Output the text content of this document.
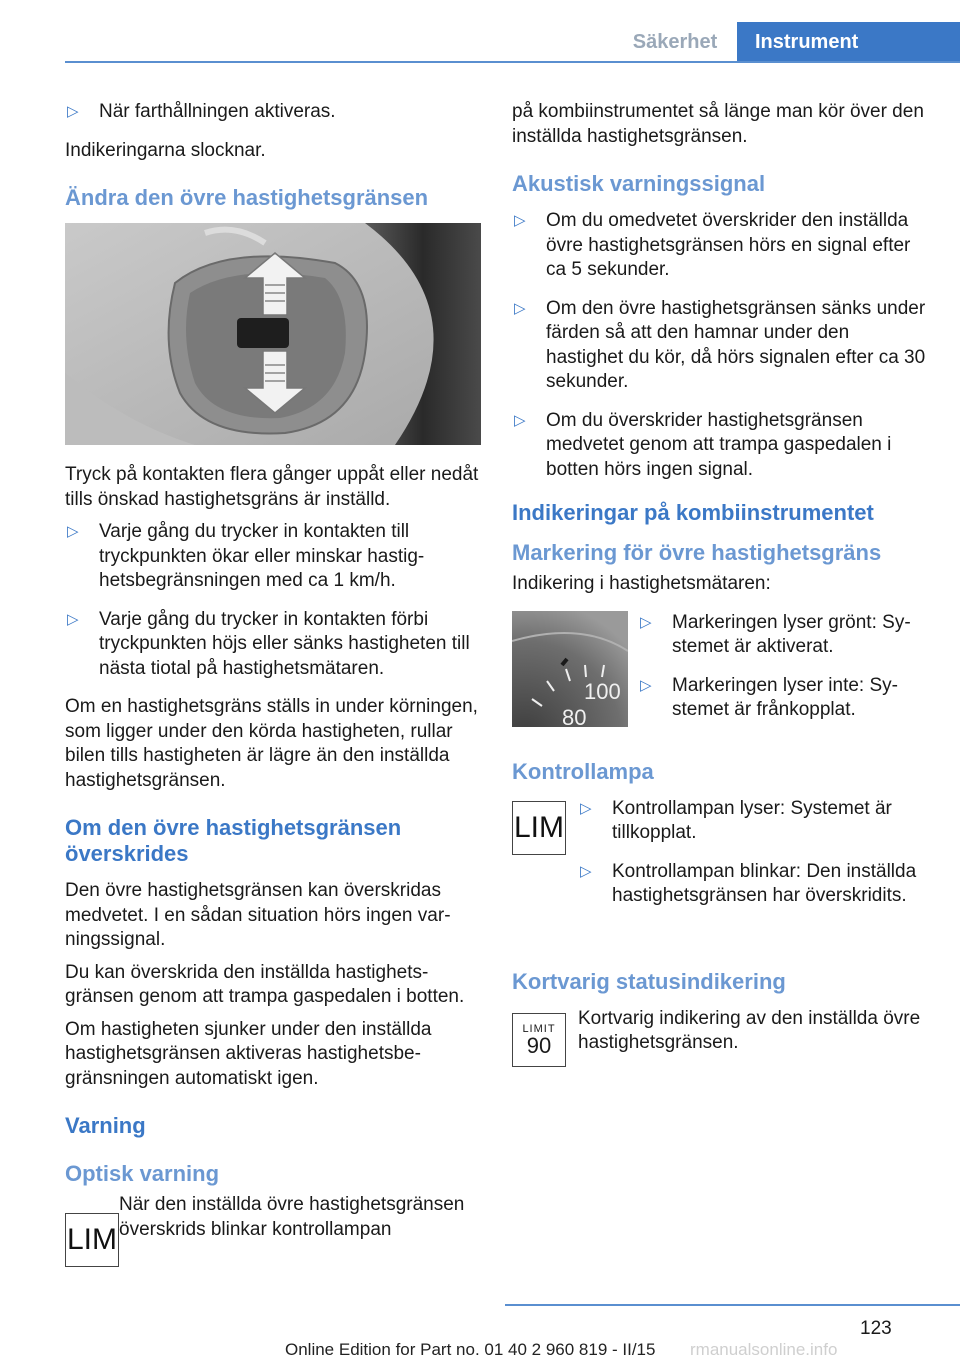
Säkerhet	Instrument
▷ När farthållningen aktiveras.

Indikeringarna slocknar.

Ändra den övre hastighetsgränsen

Tryck på kontakten flera gånger uppåt eller nedåt tills önskad hastighetsgräns är inställd.

▷ Varje gång du trycker in kontakten till tryckpunkten ökar eller minskar hastighetsbegränsningen med ca 1 km/h.
▷ Varje gång du trycker in kontakten förbi tryckpunkten höjs eller sänks hastigheten till nästa tiotal på hastighetsmätaren.

Om en hastighetsgräns ställs in under körningen, som ligger under den körda hastigheten, rullar bilen tills hastigheten är lägre än den inställda hastighetsgränsen.

Om den övre hastighetsgränsen överskrides

Den övre hastighetsgränsen kan överskridas medvetet. I en sådan situation hörs ingen varningssignal.

Du kan överskrida den inställda hastighetsgränsen genom att trampa gaspedalen i botten.

Om hastigheten sjunker under den inställda hastighetsgränsen aktiveras hastighetsbegränsningen automatiskt igen.

Varning
Optisk varning
LIM

När den inställda övre hastighetsgränsen överskrids blinkar kontrollampan

på kombiinstrumentet så länge man kör över den inställda hastighetsgränsen.

Akustisk varningssignal
▷ Om du omedvetet överskrider den inställda övre hastighetsgränsen hörs en signal efter ca 5 sekunder.
▷ Om den övre hastighetsgränsen sänks under färden så att den hamnar under den hastighet du kör, då hörs signalen efter ca 30 sekunder.
▷ Om du överskrider hastighetsgränsen medvetet genom att trampa gaspedalen i botten hörs ingen signal.
Indikeringar på kombiinstrumentet
Markering för övre hastighetsgräns

Indikering i hastighetsmätaren:

100
80
▷ Markeringen lyser grönt: Systemet är aktiverat.
▷ Markeringen lyser inte: Systemet är frånkopplat.
Kontrollampa
LIM
▷ Kontrollampan lyser: Systemet är tillkopplat.
▷ Kontrollampan blinkar: Den inställda hastighetsgränsen har överskridits.
Kortvarig statusindikering
LIMIT
90

Kortvarig indikering av den inställda övre hastighetsgränsen.

123
Online Edition for Part no. 01 40 2 960 819 - II/15 rmanualsonline.info
